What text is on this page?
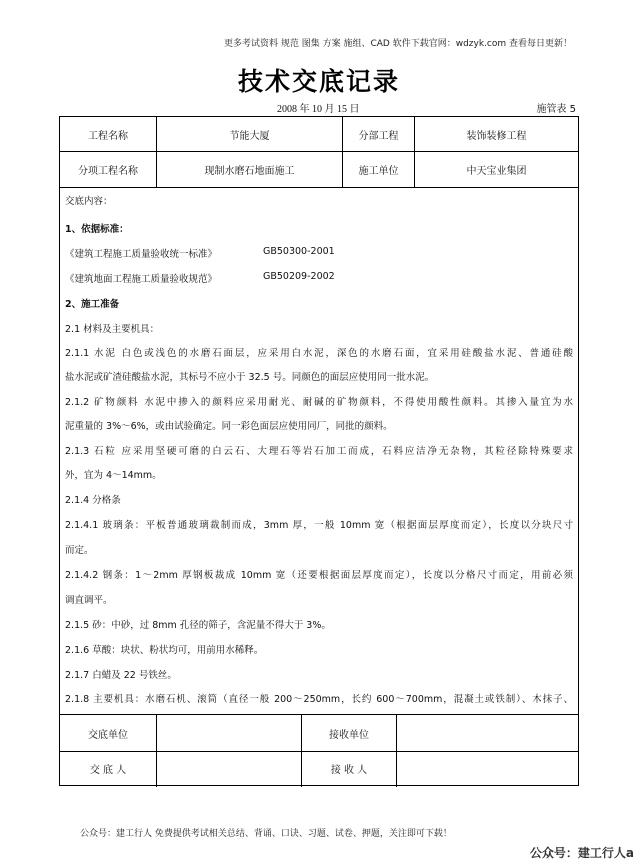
更多考试资料 规范 图集 方案 施组、CAD 软件下载官网：wdzyk.com 查看每日更新！
技术交底记录
2008 年 10 月 15 日	施管表 5
工程名称	节能大厦	分部工程	装饰装修工程
分项工程名称	现制水磨石地面施工	施工单位	中天宝业集团
交底内容：
1、依据标准：
《建筑工程施工质量验收统一标准》	GB50300-2001
《建筑地面工程施工质量验收规范》	GB50209-2002
2、施工准备
2.1 材料及主要机具：
2.1.1 水泥 白色或浅色的水磨石面层，应采用白水泥，深色的水磨石面，宜采用硅酸盐水泥、普通硅酸
盐水泥或矿渣硅酸盐水泥，其标号不应小于 32.5 号。同颜色的面层应使用同一批水泥。
2.1.2 矿物颜料 水泥中掺入的颜料应采用耐光、耐碱的矿物颜料，不得使用酸性颜料。其掺入量宜为水
泥重量的 3%～6%，或由试验确定。同一彩色面层应使用同厂，同批的颜料。
2.1.3 石粒 应采用坚硬可磨的白云石、大理石等岩石加工而成，石料应洁净无杂物，其粒径除特殊要求
外，宜为 4～14mm。
2.1.4 分格条
2.1.4.1 玻璃条：平板普通玻璃裁制而成，3mm 厚，一般 10mm 宽（根据面层厚度而定），长度以分块尺寸
而定。
2.1.4.2 钢条：1～2mm 厚钢板裁成 10mm 宽（还要根据面层厚度而定），长度以分格尺寸而定，用前必须
调直调平。
2.1.5 砂：中砂，过 8mm 孔径的筛子，含泥量不得大于 3%。
2.1.6 草酸：块状、粉状均可，用前用水稀释。
2.1.7 白蜡及 22 号铁丝。
2.1.8 主要机具：水磨石机、滚筒（直径一般 200～250mm，长约 600～700mm，混凝土或铁制）、木抹子、
交底单位	接收单位
交 底 人	接 收 人
公众号：建工行人 免费提供考试相关总结、背诵、口诀、习题、试卷、押题，关注即可下载！
公众号：建工行人a
